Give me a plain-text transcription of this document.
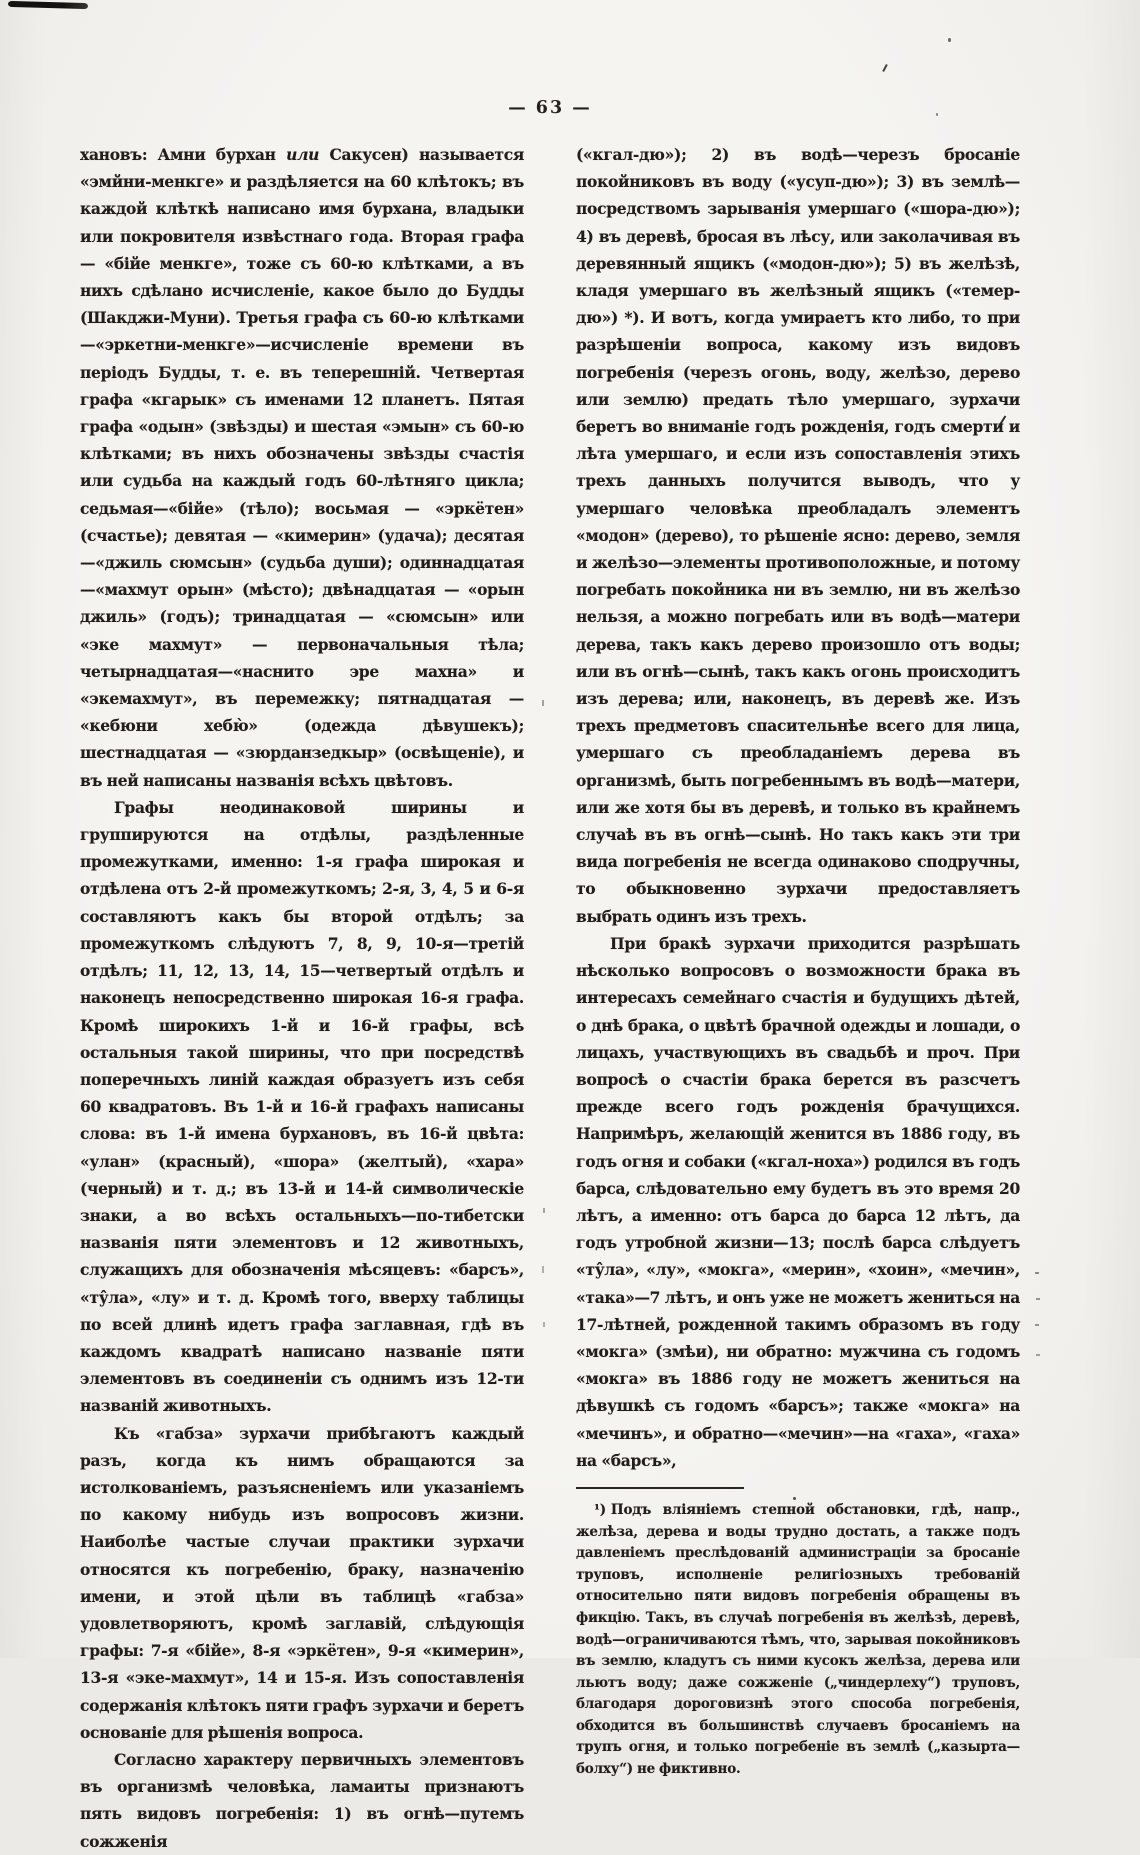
— 63 —

хановъ: Амни бурхан или Сакусен) называется «эмйни-менкге» и раздѣляется на 60 клѣтокъ; въ каждой клѣткѣ написано имя бурхана, владыки или покровителя извѣстнаго года. Вторая графа — «бійе менкге», тоже съ 60-ю клѣтками, а въ нихъ сдѣлано исчисленіе, какое было до Будды (Шакджи-Муни). Третья графа съ 60-ю клѣтками—«эркетни-менкге»—исчисленіе времени въ періодъ Будды, т. е. въ теперешній. Четвертая графа «кгарык» съ именами 12 планетъ. Пятая графа «одын» (звѣзды) и шестая «эмын» съ 60-ю клѣтками; въ нихъ обозначены звѣзды счастія или судьба на каждый годъ 60-лѣтняго цикла; седьмая—«бійе» (тѣло); восьмая — «эркётен» (счастье); девятая — «кимерин» (удача); десятая—«джиль сюмсын» (судьба души); одиннадцатая—«махмут орын» (мѣсто); двѣнадцатая — «орын джиль» (годъ); тринадцатая — «сюмсын» или «эке махмут» — первоначальныя тѣла; четырнадцатая—«наснито эре махна» и «экемахмут», въ перемежку; пятнадцатая — «кебюни хебю̀» (одежда дѣвушекъ); шестнадцатая — «зюрданзедкыр» (освѣщеніе), и въ ней написаны названія всѣхъ цвѣтовъ.

Графы неодинаковой ширины и группируются на отдѣлы, раздѣленные промежутками, именно: 1-я графа широкая и отдѣлена отъ 2-й промежуткомъ; 2-я, 3, 4, 5 и 6-я составляютъ какъ бы второй отдѣлъ; за промежуткомъ слѣдуютъ 7, 8, 9, 10-я—третій отдѣлъ; 11, 12, 13, 14, 15—четвертый отдѣлъ и наконецъ непосредственно широкая 16-я графа. Кромѣ широкихъ 1-й и 16-й графы, всѣ остальныя такой ширины, что при посредствѣ поперечныхъ линій каждая образуетъ изъ себя 60 квадратовъ. Въ 1-й и 16-й графахъ написаны слова: въ 1-й имена бурхановъ, въ 16-й цвѣта: «улан» (красный), «шора» (желтый), «хара» (черный) и т. д.; въ 13-й и 14-й символическіе знаки, а во всѣхъ остальныхъ—по-тибетски названія пяти элементовъ и 12 животныхъ, служащихъ для обозначенія мѣсяцевъ: «барсъ», «ту̂ла», «лу» и т. д. Кромѣ того, вверху таблицы по всей длинѣ идетъ графа заглавная, гдѣ въ каждомъ квадратѣ написано названіе пяти элементовъ въ соединеніи съ однимъ изъ 12-ти названій животныхъ.

Къ «габза» зурхачи прибѣгаютъ каждый разъ, когда къ нимъ обращаются за истолкованіемъ, разъясненіемъ или указаніемъ по какому нибудь изъ вопросовъ жизни. Наиболѣе частые случаи практики зурхачи относятся къ погребенію, браку, назначенію имени, и этой цѣли въ таблицѣ «габза» удовлетворяютъ, кромѣ заглавій, слѣдующія графы: 7-я «бійе», 8-я «эркётен», 9-я «кимерин», 13-я «эке-махмут», 14 и 15-я. Изъ сопоставленія содержанія клѣтокъ пяти графъ зурхачи и беретъ основаніе для рѣшенія вопроса.

Согласно характеру первичныхъ элементовъ въ организмѣ человѣка, ламаиты признаютъ пять видовъ погребенія: 1) въ огнѣ—путемъ сожженія

(«кгал-дю»); 2) въ водѣ—черезъ бросаніе покойниковъ въ воду («усуп-дю»); 3) въ землѣ—посредствомъ зарыванія умершаго («шора-дю»); 4) въ деревѣ, бросая въ лѣсу, или заколачивая въ деревянный ящикъ («модон-дю»); 5) въ желѣзѣ, кладя умершаго въ желѣзный ящикъ («темер-дю») *). И вотъ, когда умираетъ кто либо, то при разрѣшеніи вопроса, какому изъ видовъ погребенія (черезъ огонь, воду, желѣзо, дерево или землю) предать тѣло умершаго, зурхачи беретъ во вниманіе годъ рожденія, годъ смерти и лѣта умершаго, и если изъ сопоставленія этихъ трехъ данныхъ получится выводъ, что у умершаго человѣка преобладалъ элементъ «модон» (дерево), то рѣшеніе ясно: дерево, земля и желѣзо—элементы противоположные, и потому погребать покойника ни въ землю, ни въ желѣзо нельзя, а можно погребать или въ водѣ—матери дерева, такъ какъ дерево произошло отъ воды; или въ огнѣ—сынѣ, такъ какъ огонь происходитъ изъ дерева; или, наконецъ, въ деревѣ же. Изъ трехъ предметовъ спасительнѣе всего для лица, умершаго съ преобладаніемъ дерева въ организмѣ, быть погребеннымъ въ водѣ—матери, или же хотя бы въ деревѣ, и только въ крайнемъ случаѣ въ въ огнѣ—сынѣ. Но такъ какъ эти три вида погребенія не всегда одинаково сподручны, то обыкновенно зурхачи предоставляетъ выбрать одинъ изъ трехъ.

При бракѣ зурхачи приходится разрѣшать нѣсколько вопросовъ о возможности брака въ интересахъ семейнаго счастія и будущихъ дѣтей, о днѣ брака, о цвѣтѣ брачной одежды и лошади, о лицахъ, участвующихъ въ свадьбѣ и проч. При вопросѣ о счастіи брака берется въ разсчетъ прежде всего годъ рожденія брачущихся. Напримѣръ, желающій женится въ 1886 году, въ годъ огня и собаки («кгал-ноха») родился въ годъ барса, слѣдовательно ему будетъ въ это время 20 лѣтъ, а именно: отъ барса до барса 12 лѣтъ, да годъ утробной жизни—13; послѣ барса слѣдуетъ «ту̂ла», «лу», «мокга», «мерин», «хоин», «мечин», «така»—7 лѣтъ, и онъ уже не можетъ жениться на 17-лѣтней, рожденной такимъ образомъ въ году «мокга» (змѣи), ни обратно: мужчина съ годомъ «мокга» въ 1886 году не можетъ жениться на дѣвушкѣ съ годомъ «барсъ»; также «мокга» на «мечинъ», и обратно—«мечин»—на «гаха», «гаха» на «барсъ»,

¹) Подъ вліяніемъ степной обстановки, гдѣ, напр., желѣза, дерева и воды трудно достать, а также подъ давленіемъ преслѣдованій администраціи за бросаніе труповъ, исполненіе религіозныхъ требованій относительно пяти видовъ погребенія обращены въ фикцію. Такъ, въ случаѣ погребенія въ желѣзѣ, деревѣ, водѣ—ограничиваются тѣмъ, что, зарывая покойниковъ въ землю, кладутъ съ ними кусокъ желѣза, дерева или льютъ воду; даже сожженіе („чиндерлеху“) труповъ, благодаря дороговизнѣ этого способа погребенія, обходится въ большинствѣ случаевъ бросаніемъ на трупъ огня, и только погребеніе въ землѣ („казырта—болху“) не фиктивно.
